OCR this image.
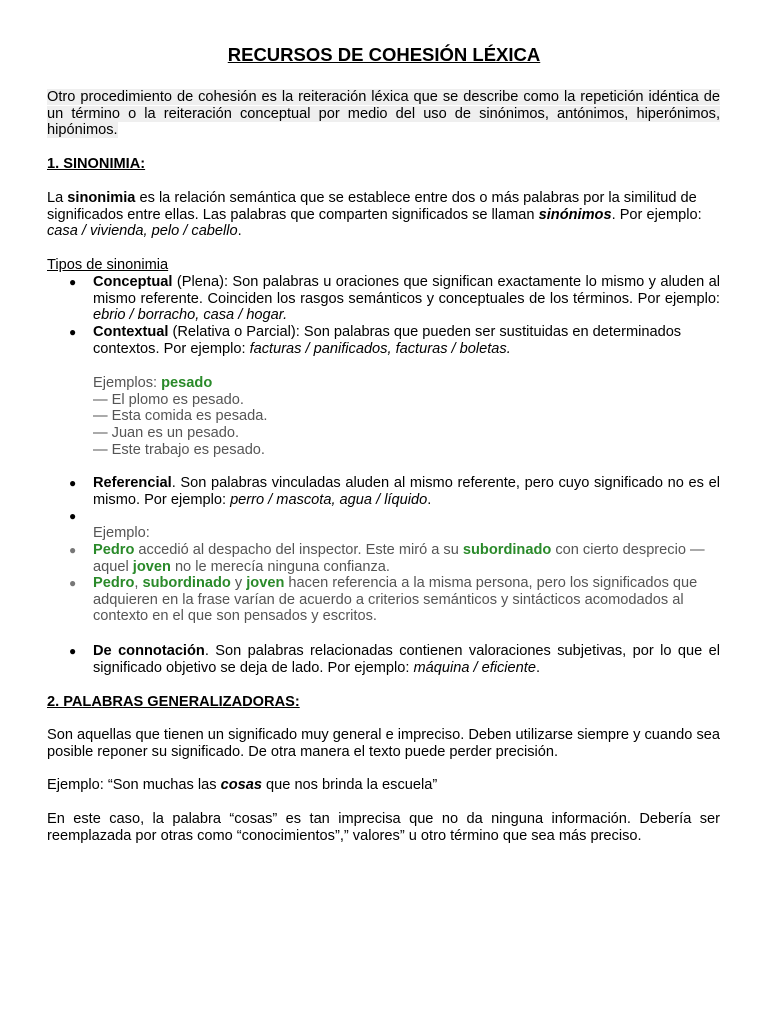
RECURSOS DE COHESIÓN LÉXICA
Otro procedimiento de cohesión es la reiteración léxica que se describe como la repetición idéntica de un término o la reiteración conceptual por medio del uso de sinónimos, antónimos, hiperónimos, hipónimos.
1. SINONIMIA:
La sinonimia es la relación semántica que se establece entre dos o más palabras por la similitud de significados entre ellas. Las palabras que comparten significados se llaman sinónimos. Por ejemplo: casa / vivienda, pelo / cabello.
Tipos de sinonimia
● Conceptual (Plena): Son palabras u oraciones que significan exactamente lo mismo y aluden al mismo referente. Coinciden los rasgos semánticos y conceptuales de los términos. Por ejemplo: ebrio / borracho, casa / hogar.
● Contextual (Relativa o Parcial): Son palabras que pueden ser sustituidas en determinados contextos. Por ejemplo: facturas / panificados, facturas / boletas.
Ejemplos: pesado
— El plomo es pesado.
— Esta comida es pesada.
— Juan es un pesado.
— Este trabajo es pesado.
● Referencial. Son palabras vinculadas aluden al mismo referente, pero cuyo significado no es el mismo. Por ejemplo: perro / mascota, agua / líquido.
●

Ejemplo:
● Pedro accedió al despacho del inspector. Este miró a su subordinado con cierto desprecio — aquel joven no le merecía ninguna confianza.
● Pedro, subordinado y joven hacen referencia a la misma persona, pero los significados que adquieren en la frase varían de acuerdo a criterios semánticos y sintácticos acomodados al contexto en el que son pensados y escritos.
● De connotación. Son palabras relacionadas contienen valoraciones subjetivas, por lo que el significado objetivo se deja de lado. Por ejemplo: máquina / eficiente.
2. PALABRAS GENERALIZADORAS:
Son aquellas que tienen un significado muy general e impreciso. Deben utilizarse siempre y cuando sea posible reponer su significado. De otra manera el texto puede perder precisión.
Ejemplo: “Son muchas las cosas que nos brinda la escuela”
En este caso, la palabra “cosas” es tan imprecisa que no da ninguna información. Debería ser reemplazada por otras como “conocimientos”,” valores” u otro término que sea más preciso.
